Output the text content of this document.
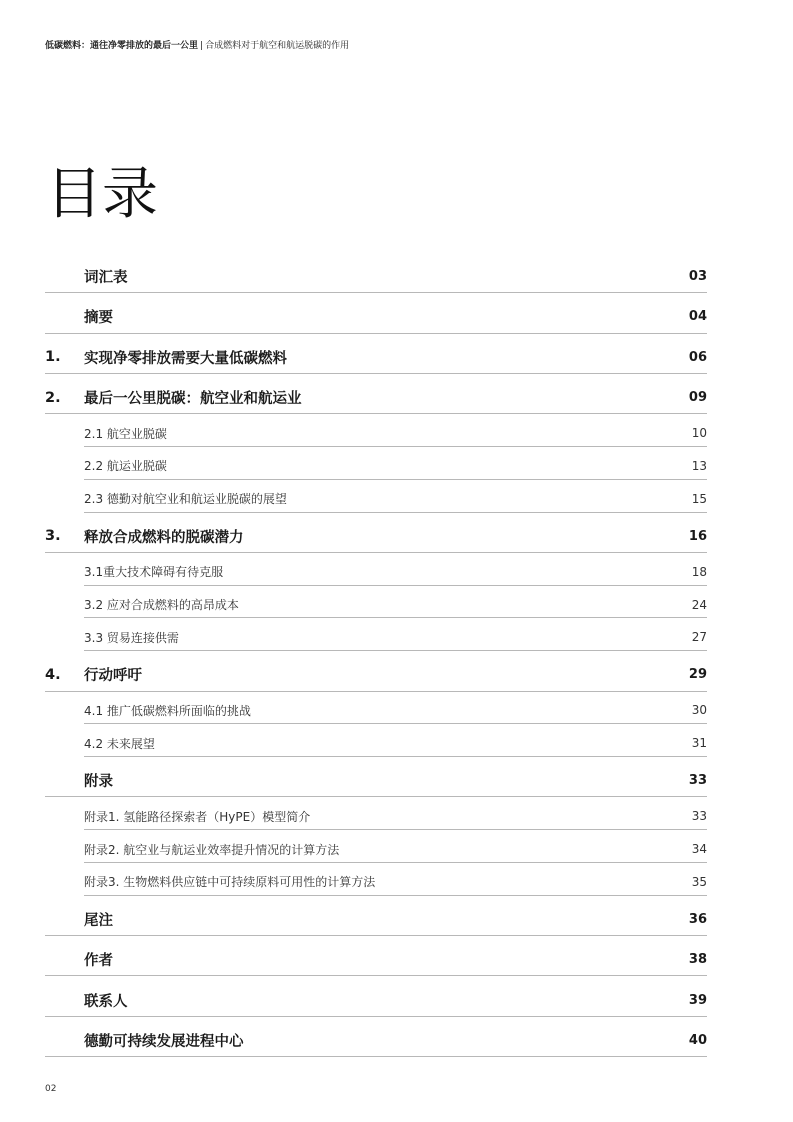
低碳燃料：通往净零排放的最后一公里 | 合成燃料对于航空和航运脱碳的作用
目录
词汇表	03
摘要	04
1.	实现净零排放需要大量低碳燃料	06
2.	最后一公里脱碳：航空业和航运业	09
2.1 航空业脱碳	10
2.2 航运业脱碳	13
2.3 德勤对航空业和航运业脱碳的展望	15
3.	释放合成燃料的脱碳潜力	16
3.1重大技术障碍有待克服	18
3.2 应对合成燃料的高昂成本	24
3.3 贸易连接供需	27
4.	行动呼吁	29
4.1 推广低碳燃料所面临的挑战	30
4.2 未来展望	31
附录	33
附录1. 氢能路径探索者（HyPE）模型简介	33
附录2. 航空业与航运业效率提升情况的计算方法	34
附录3. 生物燃料供应链中可持续原料可用性的计算方法	35
尾注	36
作者	38
联系人	39
德勤可持续发展进程中心	40
02
